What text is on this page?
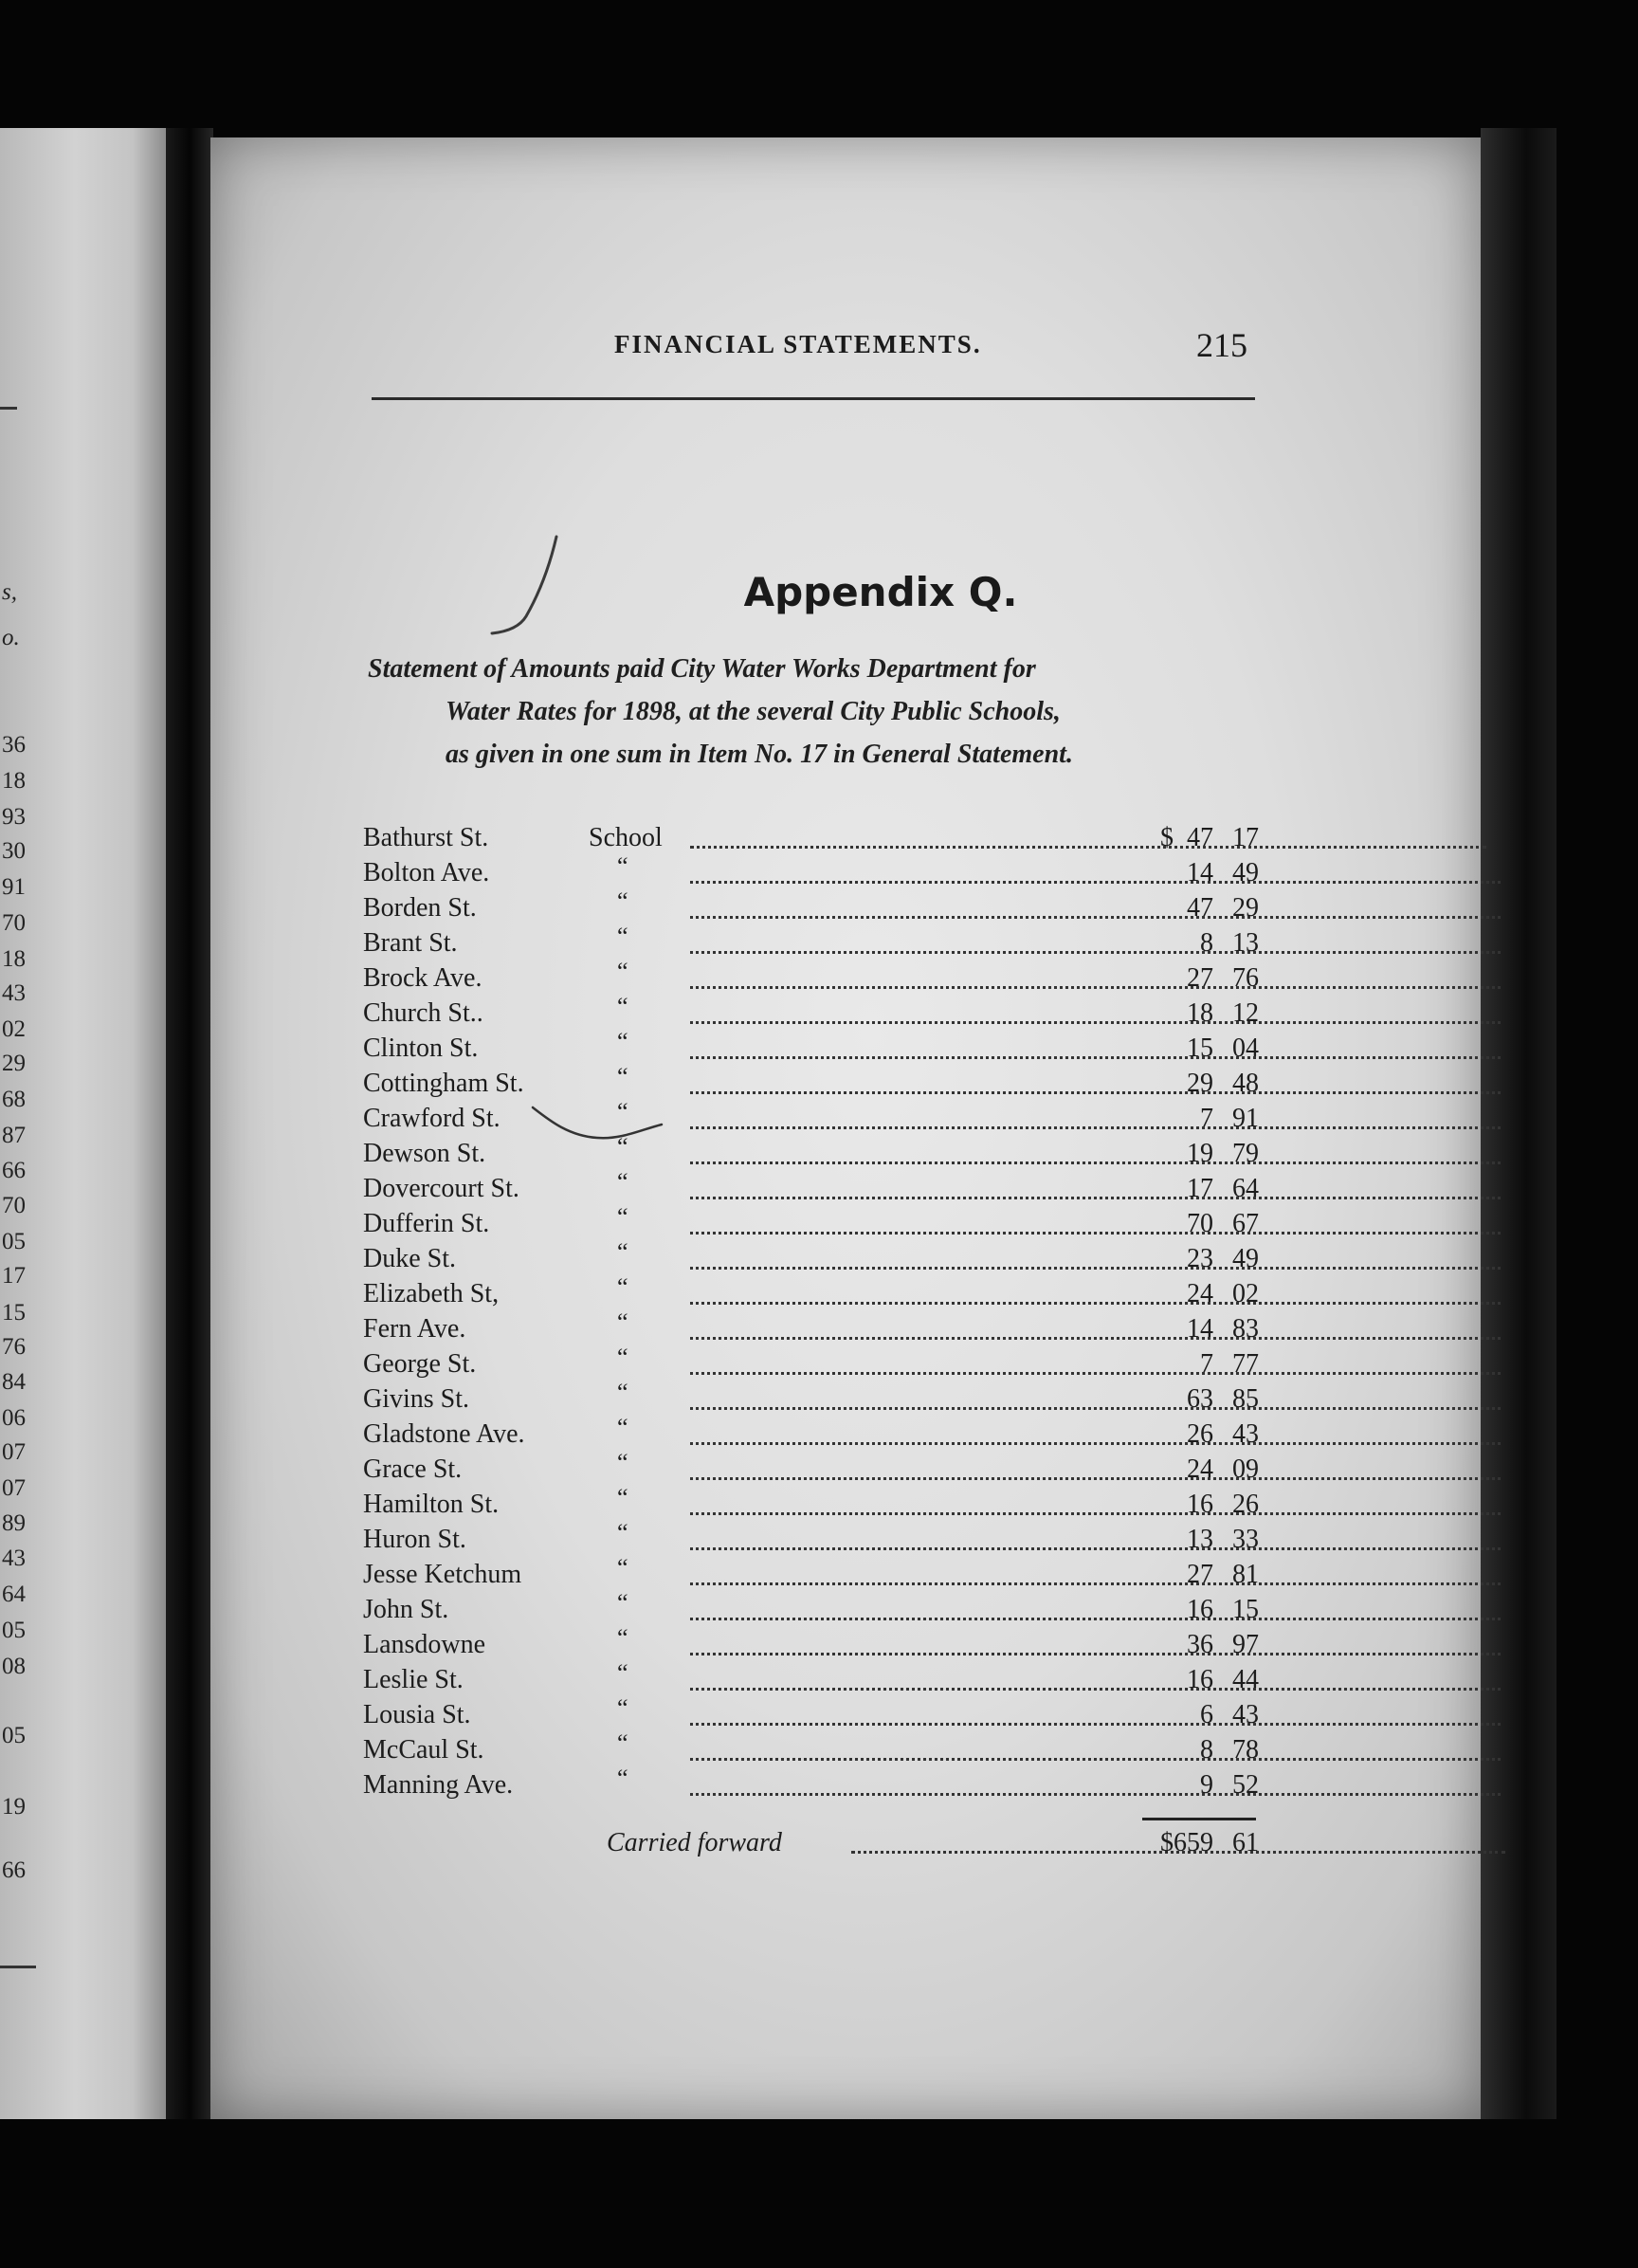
s,
o.
36
18
93
30
91
70
18
43
02
29
68
87
66
70
05
17
15
76
84
06
07
07
89
43
64
05
08
05
19
66
FINANCIAL STATEMENTS.	215
Appendix Q.
Statement of Amounts paid City Water Works Department for
Water Rates for 1898, at the several City Public Schools,
as given in one sum in Item No. 17 in General Statement.
Bathurst St.	School	$ 47 17
Bolton Ave.	“	14 49
Borden St.	“	47 29
Brant St.	“	8 13
Brock Ave.	“	27 76
Church St..	“	18 12
Clinton St.	“	15 04
Cottingham St.	“	29 48
Crawford St.	“	7 91
Dewson St.	“	19 79
Dovercourt St.	“	17 64
Dufferin St.	“	70 67
Duke St.	“	23 49
Elizabeth St,	“	24 02
Fern Ave.	“	14 83
George St.	“	7 77
Givins St.	“	63 85
Gladstone Ave.	“	26 43
Grace St.	“	24 09
Hamilton St.	“	16 26
Huron St.	“	13 33
Jesse Ketchum	“	27 81
John St.	“	16 15
Lansdowne	“	36 97
Leslie St.	“	16 44
Lousia St.	“	6 43
McCaul St.	“	8 78
Manning Ave.	“	9 52
Carried forward	$659 61
